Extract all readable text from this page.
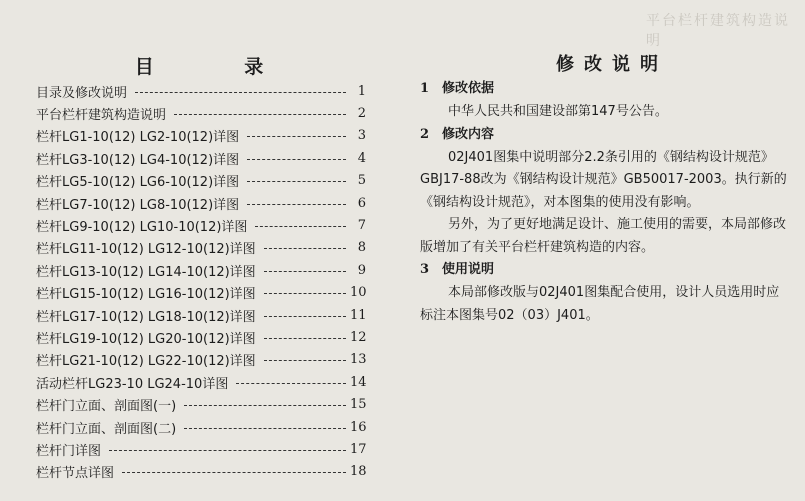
平台栏杆建筑构造说明
目 录
目录及修改说明	1
平台栏杆建筑构造说明	2
栏杆LG1-10(12) LG2-10(12)详图	3
栏杆LG3-10(12) LG4-10(12)详图	4
栏杆LG5-10(12) LG6-10(12)详图	5
栏杆LG7-10(12) LG8-10(12)详图	6
栏杆LG9-10(12) LG10-10(12)详图	7
栏杆LG11-10(12) LG12-10(12)详图	8
栏杆LG13-10(12) LG14-10(12)详图	9
栏杆LG15-10(12) LG16-10(12)详图	10
栏杆LG17-10(12) LG18-10(12)详图	11
栏杆LG19-10(12) LG20-10(12)详图	12
栏杆LG21-10(12) LG22-10(12)详图	13
活动栏杆LG23-10 LG24-10详图	14
栏杆门立面、剖面图(一)	15
栏杆门立面、剖面图(二)	16
栏杆门详图	17
栏杆节点详图	18
修改说明
1 修改依据

中华人民共和国建设部第147号公告。

2 修改内容

02J401图集中说明部分2.2条引用的《钢结构设计规范》GBJ17-88改为《钢结构设计规范》GB50017-2003。执行新的《钢结构设计规范》，对本图集的使用没有影响。

另外，为了更好地满足设计、施工使用的需要，本局部修改版增加了有关平台栏杆建筑构造的内容。

3 使用说明

本局部修改版与02J401图集配合使用，设计人员选用时应标注本图集号02（03）J401。
